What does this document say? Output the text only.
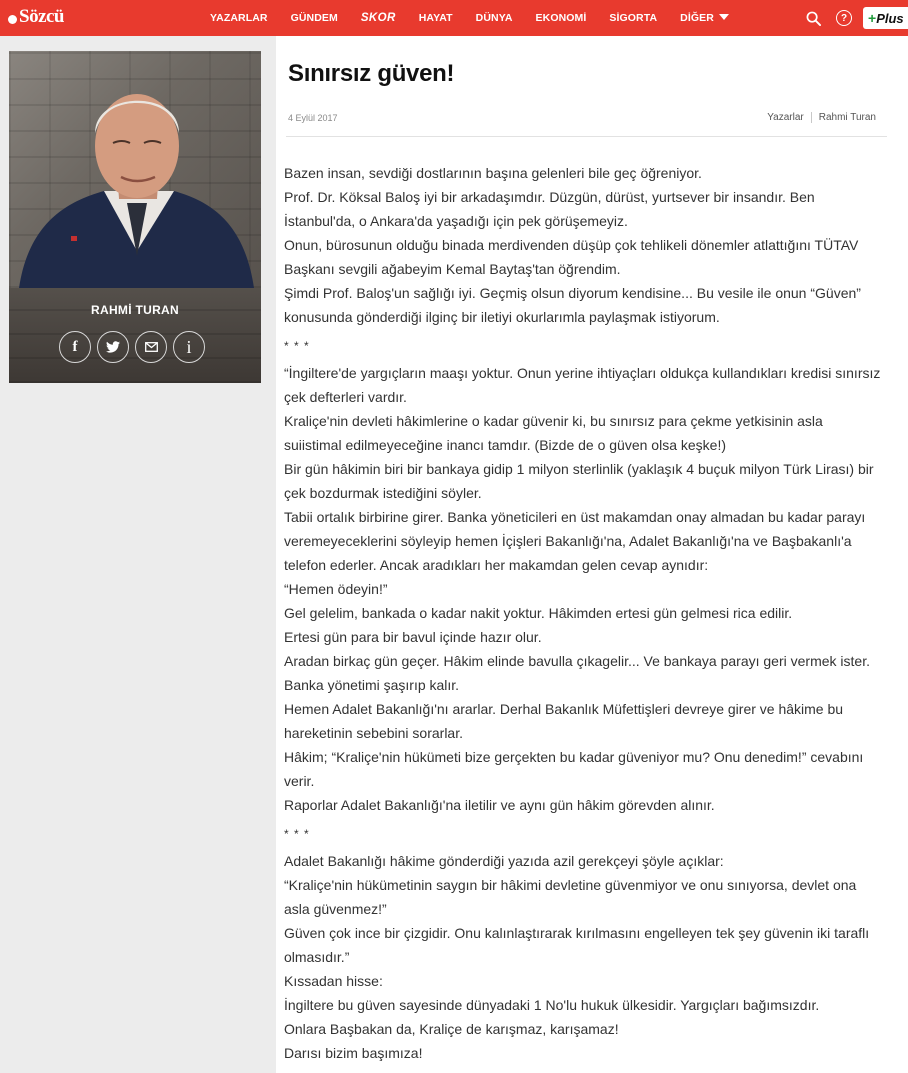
Sözcü	YAZARLAR GÜNDEM SKOR HAYAT DÜNYA EKONOMİ SİGORTA DİĞER	?	+ Plus
RAHMİ TURAN
f	i
Sınırsız güven!
4 Eylül 2017	Yazarlar Rahmi Turan

Bazen insan, sevdiği dostlarının başına gelenleri bile geç öğreniyor.

Prof. Dr. Köksal Baloş iyi bir arkadaşımdır. Düzgün, dürüst, yurtsever bir insandır. Ben İstanbul'da, o Ankara'da yaşadığı için pek görüşemeyiz.

Onun, bürosunun olduğu binada merdivenden düşüp çok tehlikeli dönemler atlattığını TÜTAV Başkanı sevgili ağabeyim Kemal Baytaş'tan öğrendim.

Şimdi Prof. Baloş'un sağlığı iyi. Geçmiş olsun diyorum kendisine... Bu vesile ile onun “Güven” konusunda gönderdiği ilginç bir iletiyi okurlarımla paylaşmak istiyorum.

* * *

“İngiltere'de yargıçların maaşı yoktur. Onun yerine ihtiyaçları oldukça kullandıkları kredisi sınırsız çek defterleri vardır.

Kraliçe'nin devleti hâkimlerine o kadar güvenir ki, bu sınırsız para çekme yetkisinin asla suiistimal edilmeyeceğine inancı tamdır. (Bizde de o güven olsa keşke!)

Bir gün hâkimin biri bir bankaya gidip 1 milyon sterlinlik (yaklaşık 4 buçuk milyon Türk Lirası) bir çek bozdurmak istediğini söyler.

Tabii ortalık birbirine girer. Banka yöneticileri en üst makamdan onay almadan bu kadar parayı veremeyeceklerini söyleyip hemen İçişleri Bakanlığı'na, Adalet Bakanlığı'na ve Başbakanlı'a telefon ederler. Ancak aradıkları her makamdan gelen cevap aynıdır:

“Hemen ödeyin!”

Gel gelelim, bankada o kadar nakit yoktur. Hâkimden ertesi gün gelmesi rica edilir.

Ertesi gün para bir bavul içinde hazır olur.

Aradan birkaç gün geçer. Hâkim elinde bavulla çıkagelir... Ve bankaya parayı geri vermek ister. Banka yönetimi şaşırıp kalır.

Hemen Adalet Bakanlığı'nı ararlar. Derhal Bakanlık Müfettişleri devreye girer ve hâkime bu hareketinin sebebini sorarlar.

Hâkim; “Kraliçe'nin hükümeti bize gerçekten bu kadar güveniyor mu? Onu denedim!” cevabını verir.

Raporlar Adalet Bakanlığı'na iletilir ve aynı gün hâkim görevden alınır.

* * *

Adalet Bakanlığı hâkime gönderdiği yazıda azil gerekçeyi şöyle açıklar:

“Kraliçe'nin hükümetinin saygın bir hâkimi devletine güvenmiyor ve onu sınıyorsa, devlet ona asla güvenmez!”

Güven çok ince bir çizgidir. Onu kalınlaştırarak kırılmasını engelleyen tek şey güvenin iki taraflı olmasıdır.”

Kıssadan hisse:

İngiltere bu güven sayesinde dünyadaki 1 No'lu hukuk ülkesidir. Yargıçları bağımsızdır.

Onlara Başbakan da, Kraliçe de karışmaz, karışamaz!

Darısı bizim başımıza!
